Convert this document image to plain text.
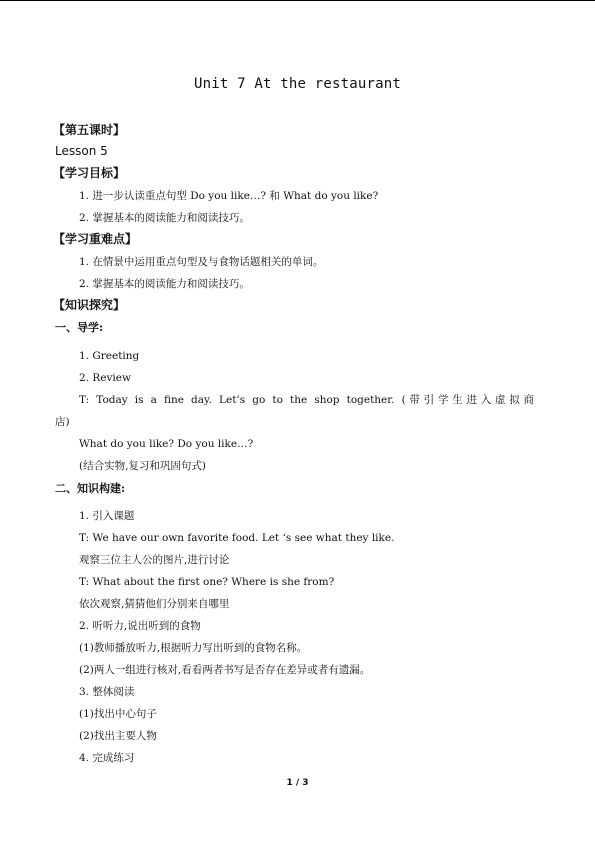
Unit 7 At the restaurant
【第五课时】
Lesson 5
【学习目标】
1. 进一步认读重点句型 Do you like…? 和 What do you like?
2. 掌握基本的阅读能力和阅读技巧。
【学习重难点】
1. 在情景中运用重点句型及与食物话题相关的单词。
2. 掌握基本的阅读能力和阅读技巧。
【知识探究】
一、导学:
1. Greeting
2. Review
T: Today is a fine day. Let’s go to the shop together. (带引学生进入虚拟商
店)
What do you like? Do you like…?
(结合实物,复习和巩固句式)
二、知识构建:
1. 引入课题
T: We have our own favorite food. Let ‘s see what they like.
观察三位主人公的图片,进行讨论
T: What about the first one? Where is she from?
依次观察,猜猜他们分别来自哪里
2. 听听力,说出听到的食物
(1)教师播放听力,根据听力写出听到的食物名称。
(2)两人一组进行核对,看看两者书写是否存在差异或者有遗漏。
3. 整体阅读
(1)找出中心句子
(2)找出主要人物
4. 完成练习
1 / 3
